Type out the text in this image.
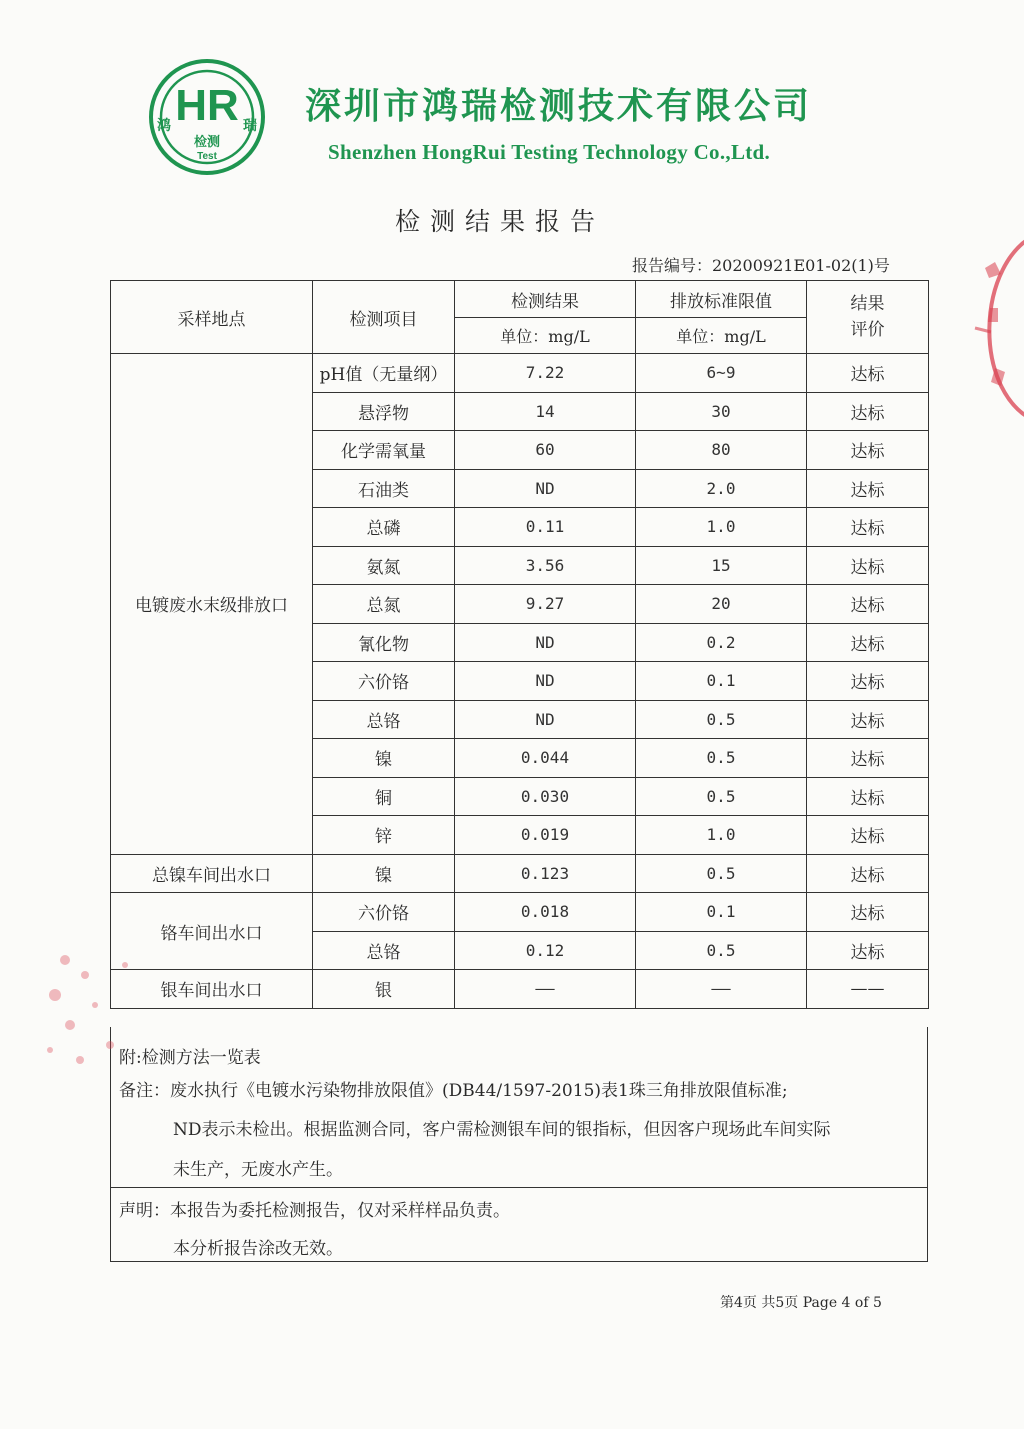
HR
鸿	瑞
检测
Test
深圳市鸿瑞检测技术有限公司
Shenzhen HongRui Testing Technology Co.,Ltd.
检测结果报告
报告编号：20200921E01-02(1)号
采样地点	检测项目	检测结果	排放标准限值	结果评价

		单位：mg/L	单位：mg/L	
电镀废水末级排放口	pH值（无量纲）	7.22	6~9	达标
	悬浮物	14	30	达标
	化学需氧量	60	80	达标
	石油类	ND	2.0	达标
	总磷	0.11	1.0	达标
	氨氮	3.56	15	达标
	总氮	9.27	20	达标
	氰化物	ND	0.2	达标
	六价铬	ND	0.1	达标
	总铬	ND	0.5	达标
	镍	0.044	0.5	达标
	铜	0.030	0.5	达标
	锌	0.019	1.0	达标
总镍车间出水口	镍	0.123	0.5	达标
铬车间出水口	六价铬	0.018	0.1	达标
	总铬	0.12	0.5	达标
银车间出水口	银	——	——	——
附:检测方法一览表
备注：废水执行《电镀水污染物排放限值》(DB44/1597-2015)表1珠三角排放限值标准;
ND表示未检出。根据监测合同，客户需检测银车间的银指标，但因客户现场此车间实际
未生产，无废水产生。
声明：本报告为委托检测报告，仅对采样样品负责。
本分析报告涂改无效。
第4页 共5页 Page 4 of 5
